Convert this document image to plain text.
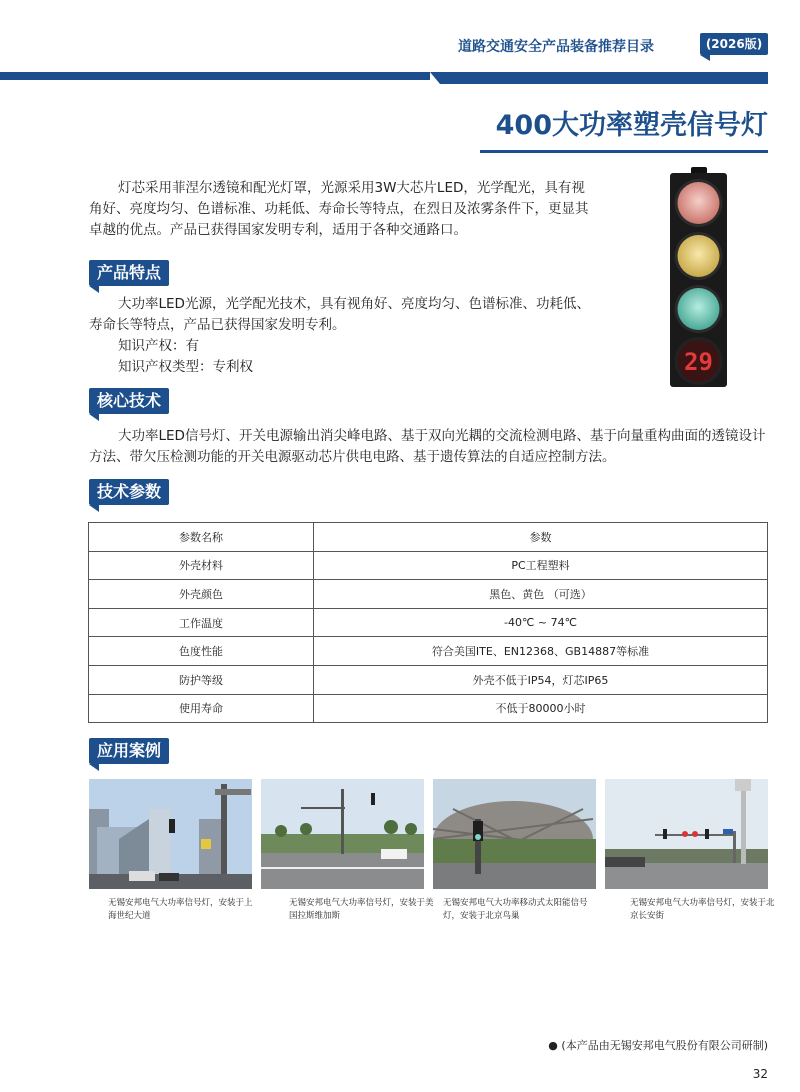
道路交通安全产品装备推荐目录	(2026版)
400大功率塑壳信号灯
灯芯采用菲涅尔透镜和配光灯罩，光源采用3W大芯片LED，光学配光，具有视角好、亮度均匀、色谱标准、功耗低、寿命长等特点，在烈日及浓雾条件下，更显其卓越的优点。产品已获得国家发明专利，适用于各种交通路口。
29
产品特点
大功率LED光源，光学配光技术，具有视角好、亮度均匀、色谱标准、功耗低、寿命长等特点，产品已获得国家发明专利。
知识产权：有
知识产权类型：专利权
核心技术
大功率LED信号灯、开关电源输出消尖峰电路、基于双向光耦的交流检测电路、基于向量重构曲面的透镜设计方法、带欠压检测功能的开关电源驱动芯片供电电路、基于遗传算法的自适应控制方法。
技术参数
参数名称	参数
外壳材料	PC工程塑料
外壳颜色	黑色、黄色 （可选）
工作温度	-40℃ ~ 74℃
色度性能	符合美国ITE、EN12368、GB14887等标准
防护等级	外壳不低于IP54，灯芯IP65
使用寿命	不低于80000小时
应用案例
无锡安邦电气大功率信号灯，安装于上海世纪大道
无锡安邦电气大功率信号灯，安装于美国拉斯维加斯
无锡安邦电气大功率移动式太阳能信号灯，安装于北京鸟巢
无锡安邦电气大功率信号灯，安装于北京长安街
● (本产品由无锡安邦电气股份有限公司研制)
32
